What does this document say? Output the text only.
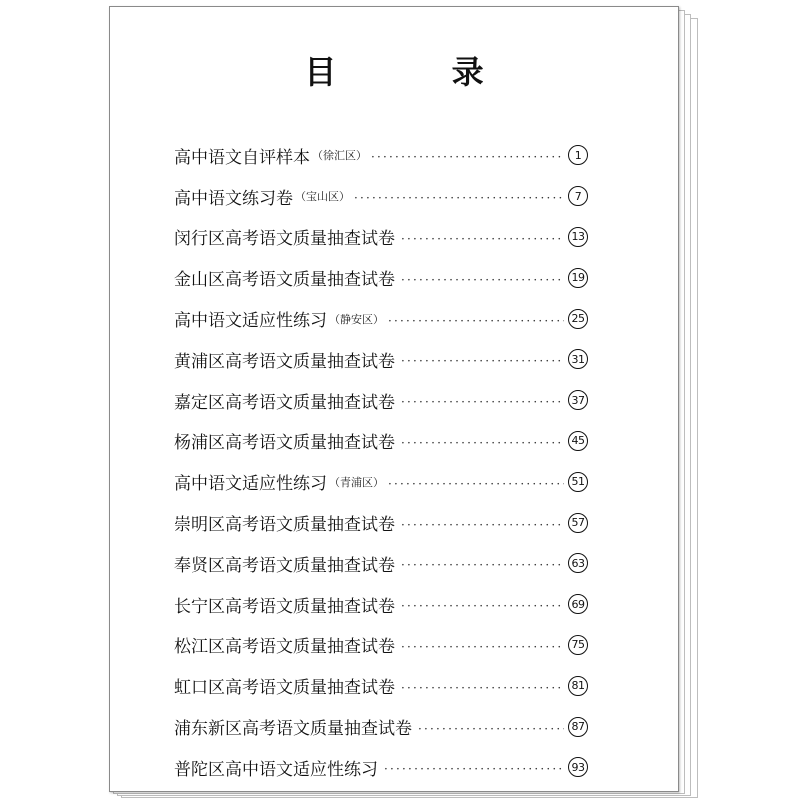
目 录
高中语文自评样本 （徐汇区） ·····	1
高中语文练习卷 （宝山区） ·····	7
闵行区高考语文质量抽查试卷 ·····	13
金山区高考语文质量抽查试卷 ·····	19
高中语文适应性练习 （静安区） ·····	25
黄浦区高考语文质量抽查试卷 ·····	31
嘉定区高考语文质量抽查试卷 ·····	37
杨浦区高考语文质量抽查试卷 ·····	45
高中语文适应性练习 （青浦区） ·····	51
崇明区高考语文质量抽查试卷 ·····	57
奉贤区高考语文质量抽查试卷 ·····	63
长宁区高考语文质量抽查试卷 ·····	69
松江区高考语文质量抽查试卷 ·····	75
虹口区高考语文质量抽查试卷 ·····	81
浦东新区高考语文质量抽查试卷 ·····	87
普陀区高中语文适应性练习 ·····	93
